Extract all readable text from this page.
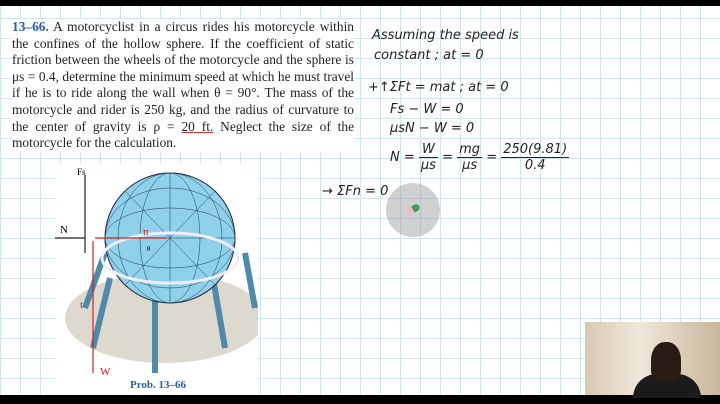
13–66. A motorcyclist in a circus rides his motorcycle within the confines of the hollow sphere. If the coefficient of static friction between the wheels of the motorcycle and the sphere is μs = 0.4, determine the minimum speed at which he must travel if he is to ride along the wall when θ = 90°. The mass of the motorcycle and rider is 250 kg, and the radius of curvature to the center of gravity is ρ = 20 ft. Neglect the size of the motorcycle for the calculation.
N
Fs
n
t
W
θ
Prob. 13–66
Assuming the speed is
constant ; at = 0
+↑ΣFt = mat ; at = 0
Fs − W = 0
μsN − W = 0
$N = \frac{W}{\mu s} = \frac{mg}{\mu s} = \frac{250(9.81)}{0.4}$
→ ΣFn = 0
